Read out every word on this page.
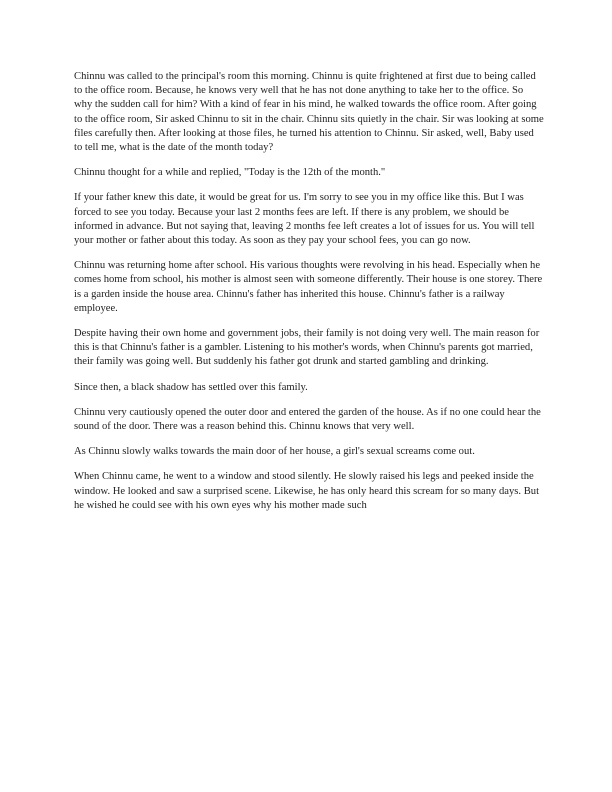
Chinnu was called to the principal's room this morning. Chinnu is quite frightened at first due to being called to the office room. Because, he knows very well that he has not done anything to take her to the office. So why the sudden call for him? With a kind of fear in his mind, he walked towards the office room. After going to the office room, Sir asked Chinnu to sit in the chair. Chinnu sits quietly in the chair. Sir was looking at some files carefully then. After looking at those files, he turned his attention to Chinnu. Sir asked, well, Baby used to tell me, what is the date of the month today?

Chinnu thought for a while and replied, "Today is the 12th of the month."

If your father knew this date, it would be great for us. I'm sorry to see you in my office like this. But I was forced to see you today. Because your last 2 months fees are left. If there is any problem, we should be informed in advance. But not saying that, leaving 2 months fee left creates a lot of issues for us. You will tell your mother or father about this today. As soon as they pay your school fees, you can go now.

Chinnu was returning home after school. His various thoughts were revolving in his head. Especially when he comes home from school, his mother is almost seen with someone differently. Their house is one storey. There is a garden inside the house area. Chinnu's father has inherited this house. Chinnu's father is a railway employee.

Despite having their own home and government jobs, their family is not doing very well. The main reason for this is that Chinnu's father is a gambler. Listening to his mother's words, when Chinnu's parents got married, their family was going well. But suddenly his father got drunk and started gambling and drinking.

Since then, a black shadow has settled over this family.

Chinnu very cautiously opened the outer door and entered the garden of the house. As if no one could hear the sound of the door. There was a reason behind this. Chinnu knows that very well.

As Chinnu slowly walks towards the main door of her house, a girl's sexual screams come out.

When Chinnu came, he went to a window and stood silently. He slowly raised his legs and peeked inside the window. He looked and saw a surprised scene. Likewise, he has only heard this scream for so many days. But he wished he could see with his own eyes why his mother made such
